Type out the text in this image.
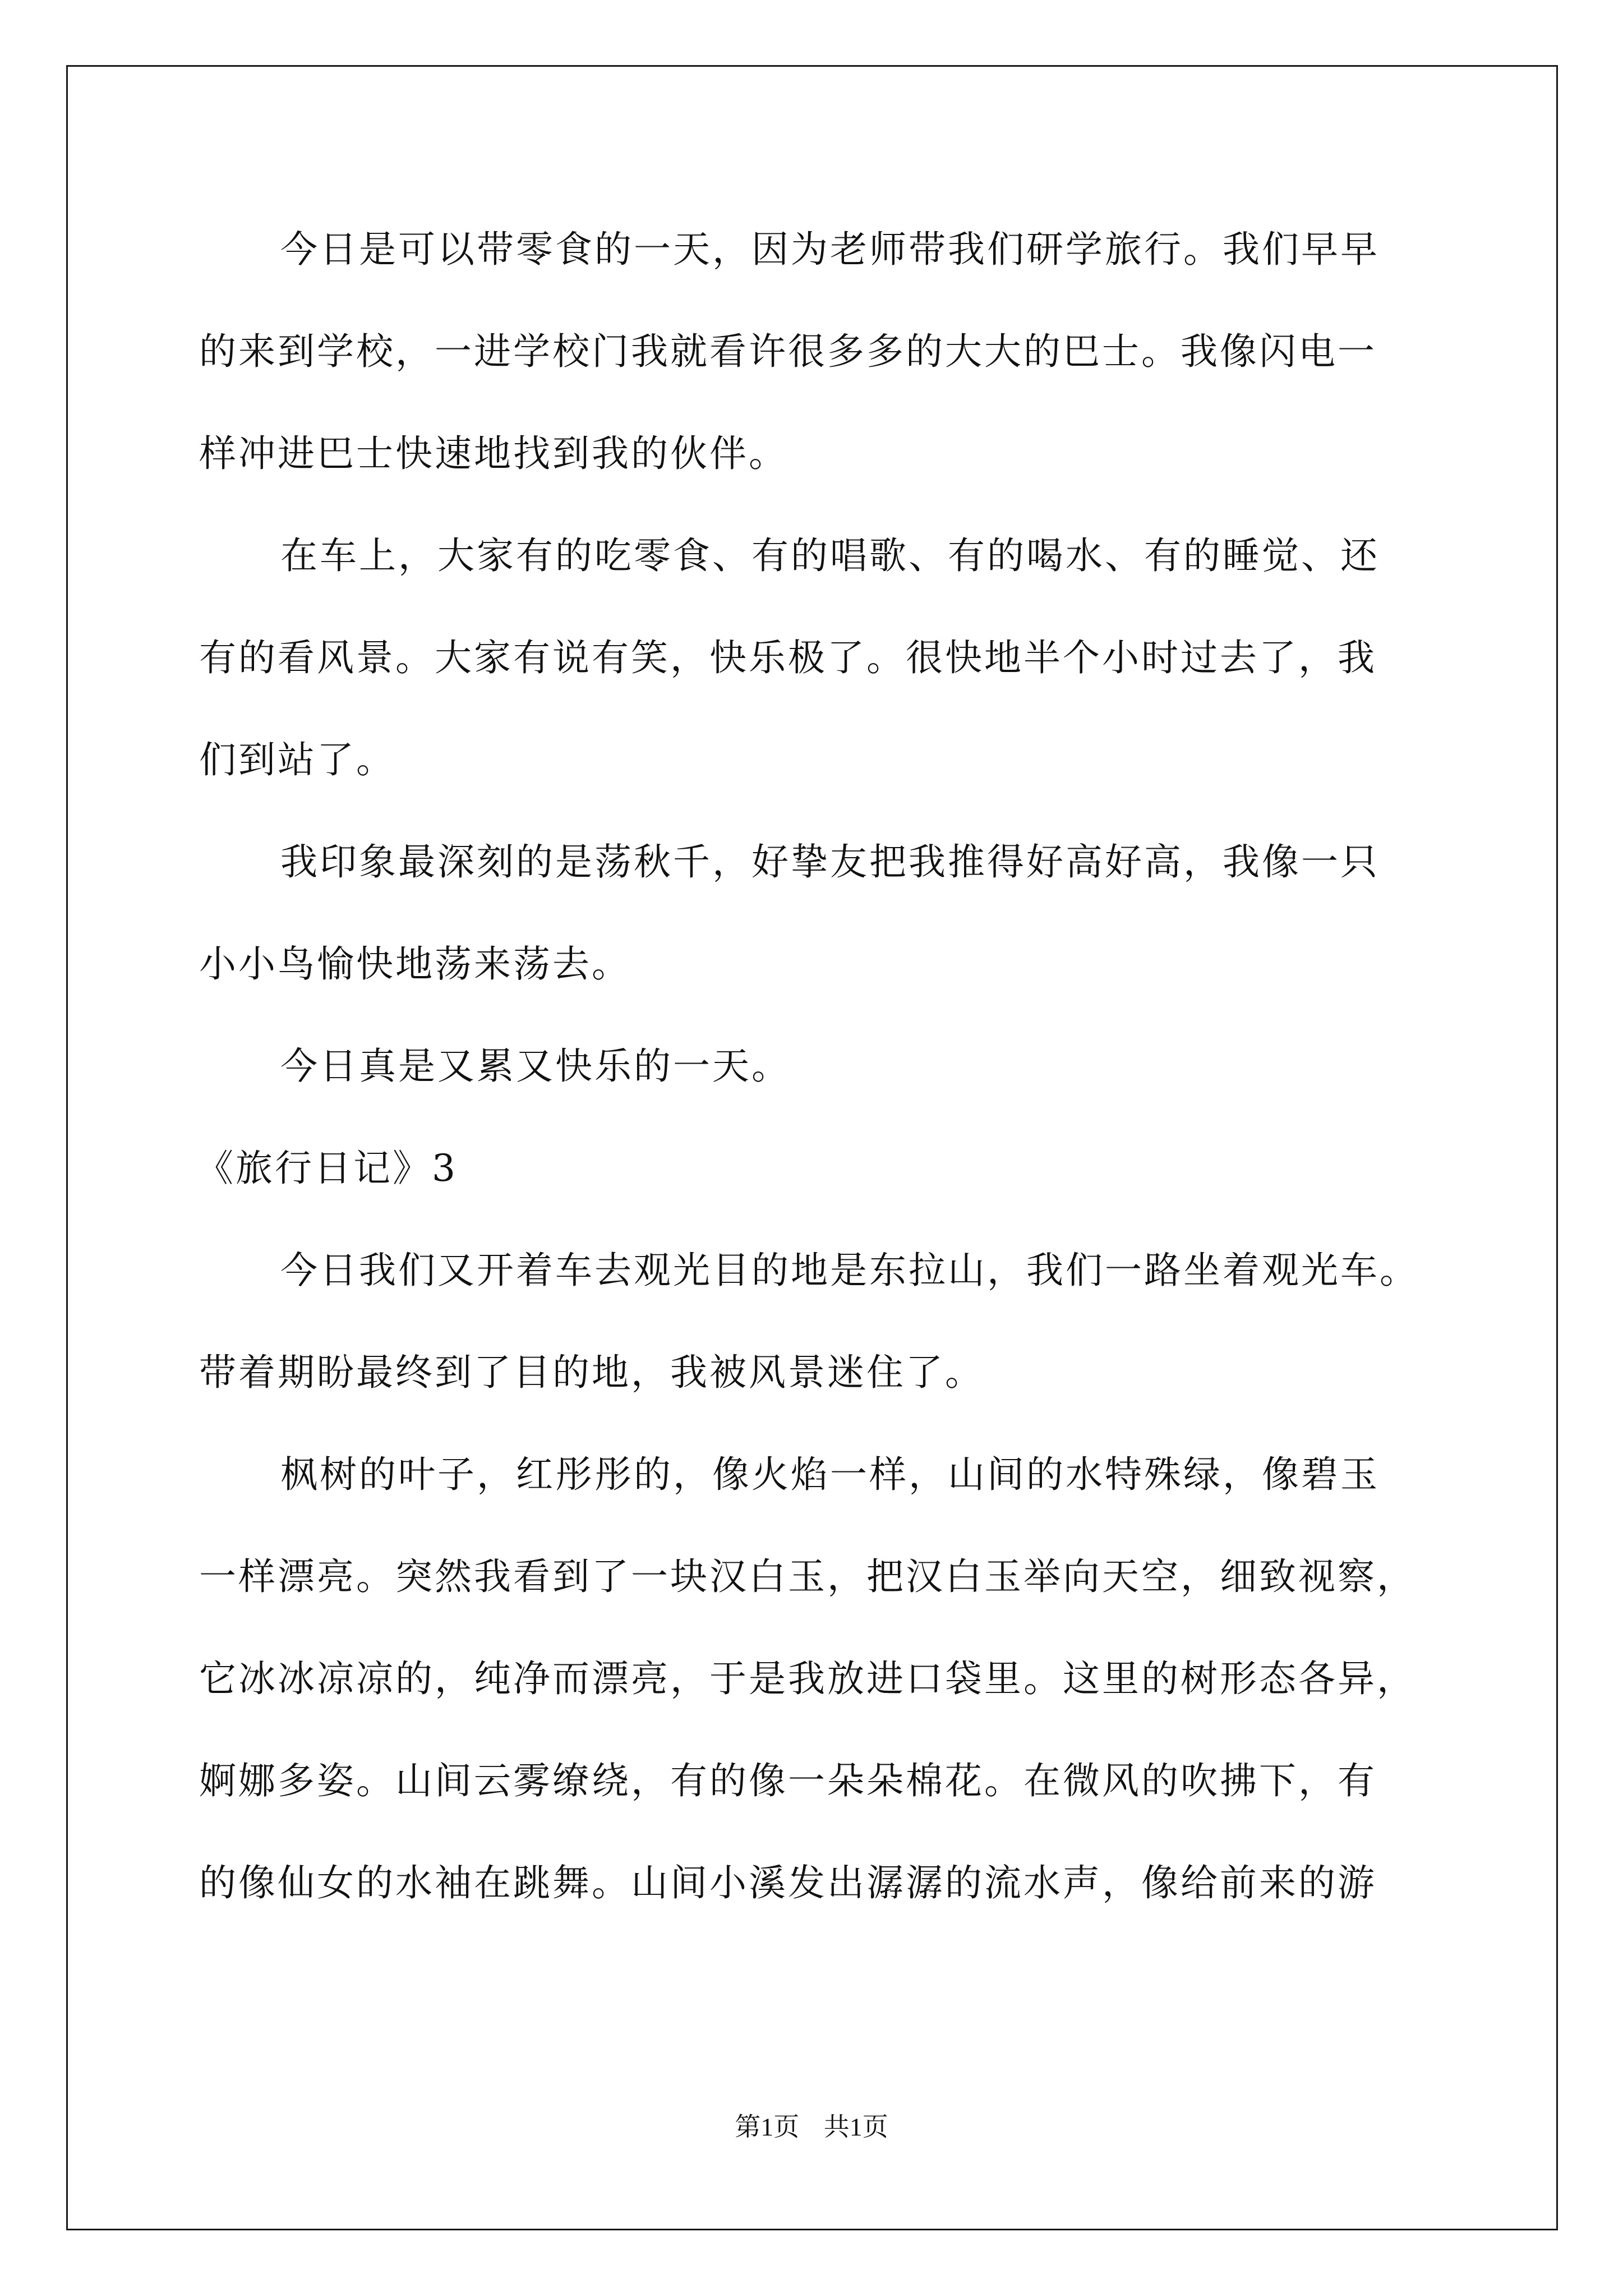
今日是可以带零食的一天，因为老师带我们研学旅行。我们早早
的来到学校，一进学校门我就看许很多多的大大的巴士。我像闪电一
样冲进巴士快速地找到我的伙伴。
在车上，大家有的吃零食、有的唱歌、有的喝水、有的睡觉、还
有的看风景。大家有说有笑，快乐极了。很快地半个小时过去了，我
们到站了。
我印象最深刻的是荡秋千，好挚友把我推得好高好高，我像一只
小小鸟愉快地荡来荡去。
今日真是又累又快乐的一天。
《旅行日记》3
今日我们又开着车去观光目的地是东拉山，我们一路坐着观光车。
带着期盼最终到了目的地，我被风景迷住了。
枫树的叶子，红彤彤的，像火焰一样，山间的水特殊绿，像碧玉
一样漂亮。突然我看到了一块汉白玉，把汉白玉举向天空，细致视察，
它冰冰凉凉的，纯净而漂亮，于是我放进口袋里。这里的树形态各异，
婀娜多姿。山间云雾缭绕，有的像一朵朵棉花。在微风的吹拂下，有
的像仙女的水袖在跳舞。山间小溪发出潺潺的流水声，像给前来的游
第1页 共1页
